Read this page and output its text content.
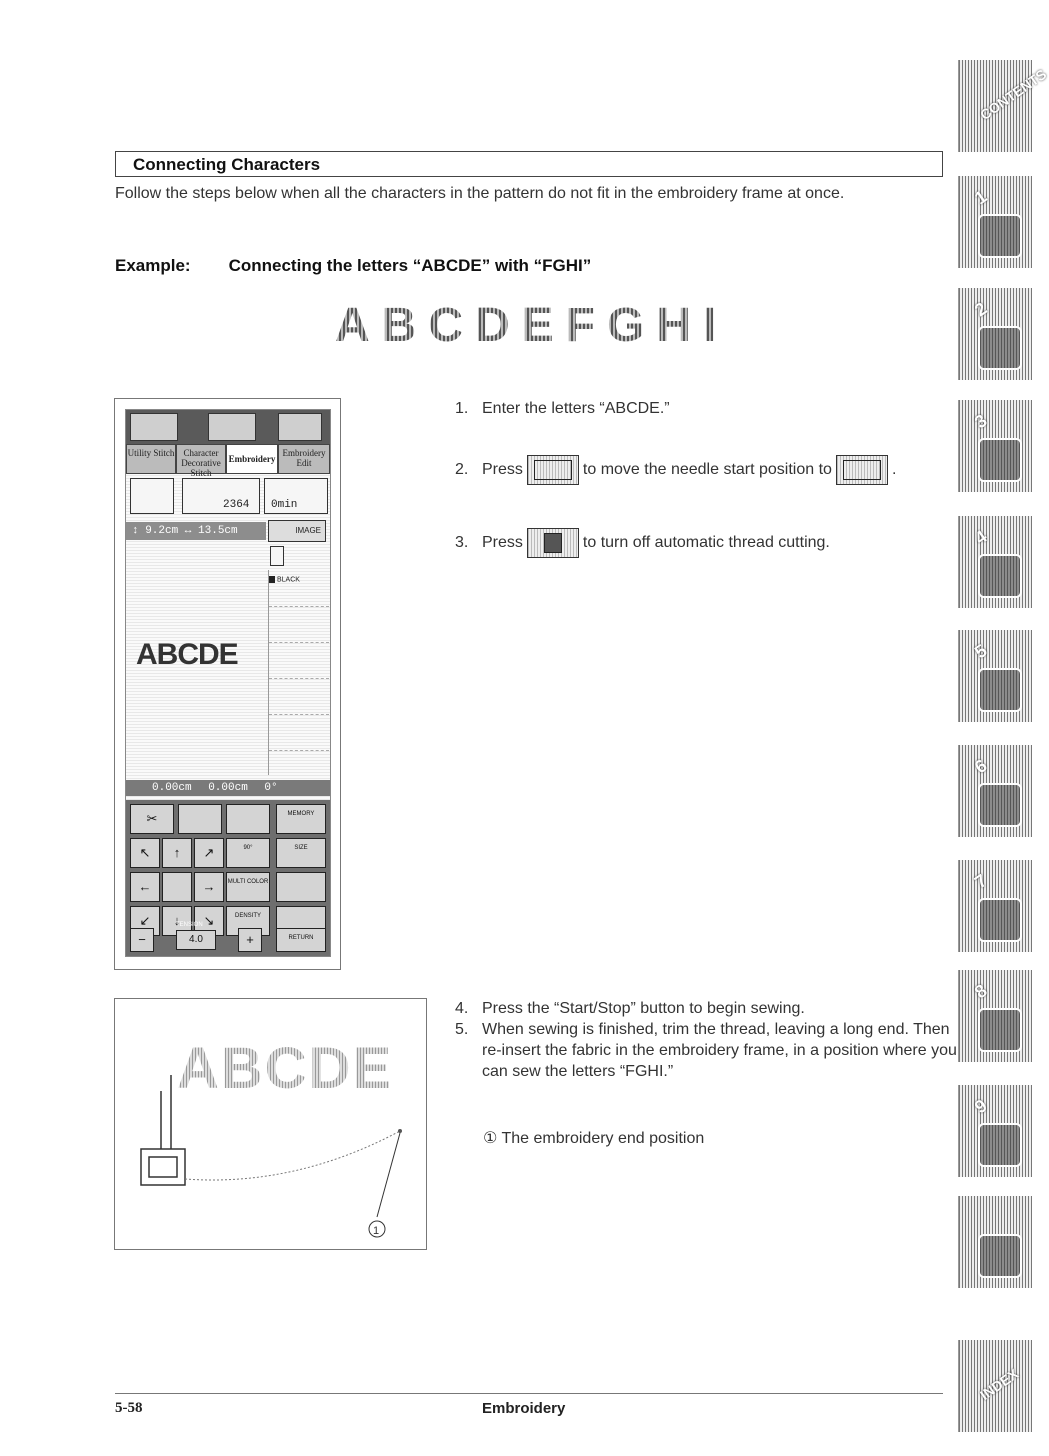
Connecting Characters
Follow the steps below when all the characters in the pattern do not fit in the embroidery frame at once.
Example: Connecting the letters “ABCDE” with “FGHI”
ABCDEFGHI
Utility Stitch	Character Decorative Stitch
Embroidery
Embroidery Edit
2364 0min
↕ 9.2cm ↔ 13.5cm	IMAGE
BLACK
ABCDE
0.00cm 0.00cm 0°
✂	MEMORY
↖	↑	↗	90°	SIZE
←	→	MULTI COLOR
↙	↓	↘	DENSITY
TENSION
−	4.0	+	RETURN
1. Enter the letters “ABCDE.”
2. Press	to move the needle start position to	.
3. Press	to turn off automatic thread cutting.
1
ABCDE
4. Press the “Start/Stop” button to begin sewing.
5. When sewing is finished, trim the thread, leaving a long end. Then re-insert the fabric in the embroidery frame, in a position where you can sew the letters “FGHI.”
① The embroidery end position
5-58	Embroidery
CONTENTS
1
2
3
4
5
6
7
8
9
INDEX
